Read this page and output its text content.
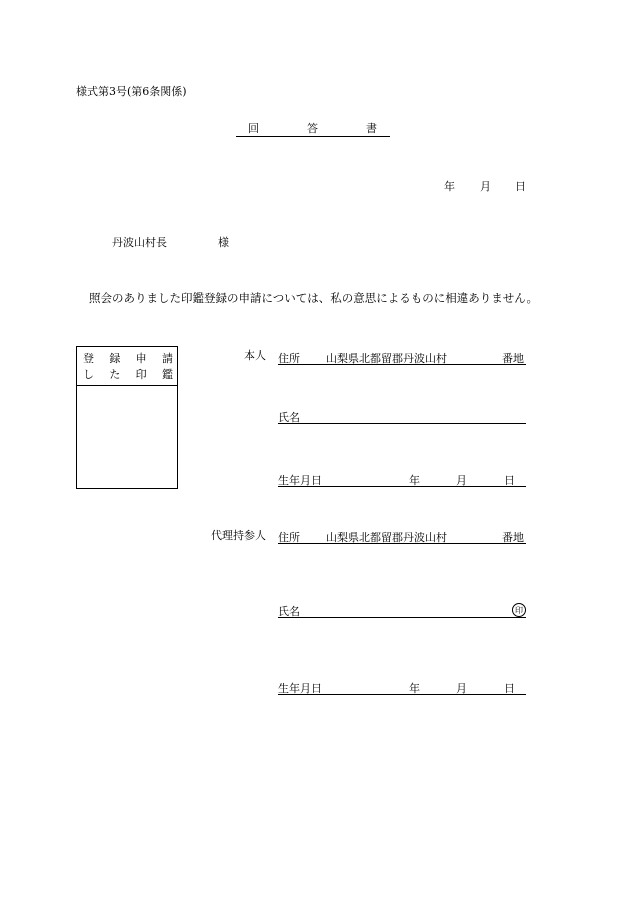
様式第3号(第6条関係)
回	答	書
年 月 日
丹波山村長	様
照会のありました印鑑登録の申請については、私の意思によるものに相違ありません。
登 録 申 請
し た 印 鑑
本人 住所 山梨県北都留郡丹波山村	番地
氏名
生年月日	年	月	日
代理持参人 住所 山梨県北都留郡丹波山村	番地
氏名	印
生年月日	年	月	日
